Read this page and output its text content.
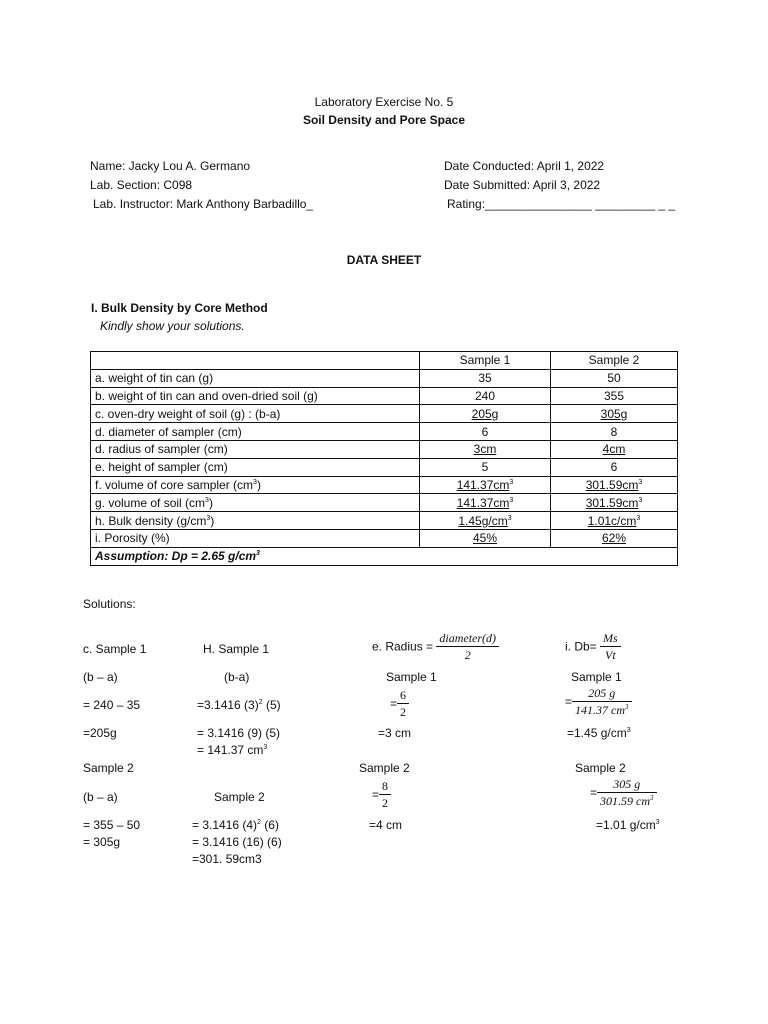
Laboratory Exercise No. 5
Soil Density and Pore Space
Name: Jacky Lou A. Germano
Lab. Section: C098
Lab. Instructor: Mark Anthony Barbadillo_
Date Conducted: April 1, 2022
Date Submitted: April 3, 2022
Rating:________________ _________ _ _
DATA SHEET
I. Bulk Density by Core Method
Kindly show your solutions.
	Sample 1	Sample 2
a. weight of tin can (g)	35	50
b. weight of tin can and oven-dried soil (g)	240	355
c. oven-dry weight of soil (g) : (b-a)	205g	305g
d. diameter of sampler (cm)	6	8
d. radius of sampler (cm)	3cm	4cm
e. height of sampler (cm)	5	6
f. volume of core sampler $(cm^3)$	$141.37cm^3$	$301.59cm^3$
g. volume of soil $(cm^3)$	$141.37cm^3$	$301.59cm^3$
h. Bulk density $(g/cm^3)$	$1.45g/cm^3$	$1.01c/cm^3$
i. Porosity (%)	45%	62%
Assumption: Dp = 2.65 $g/cm^3$
Solutions:
c. Sample 1
(b – a)
= 240 – 35
=205g
Sample 2
(b – a)
= 355 – 50
= 305g
H. Sample 1
(b-a)
=3.1416 $(3)^2$ (5)
= 3.1416 (9) (5)
= 141.37 $cm^3$
Sample 2
= 3.1416 $(4)^2$ (6)
= 3.1416 (16) (6)
=301. 59cm3
e. Radius = $\frac{\text{diameter(d)}}{2}$
Sample 1
= $\frac{6}{2}$
=3 cm
Sample 2
= $\frac{8}{2}$
=4 cm
i. $Db= \frac{Ms}{Vt}$
Sample 1
= $\frac{205 g}{141.37 cm^3}$
=1.45 $g/cm^3$
Sample 2
= $\frac{305 g}{301.59 cm^3}$
=1.01 $g/cm^3$
